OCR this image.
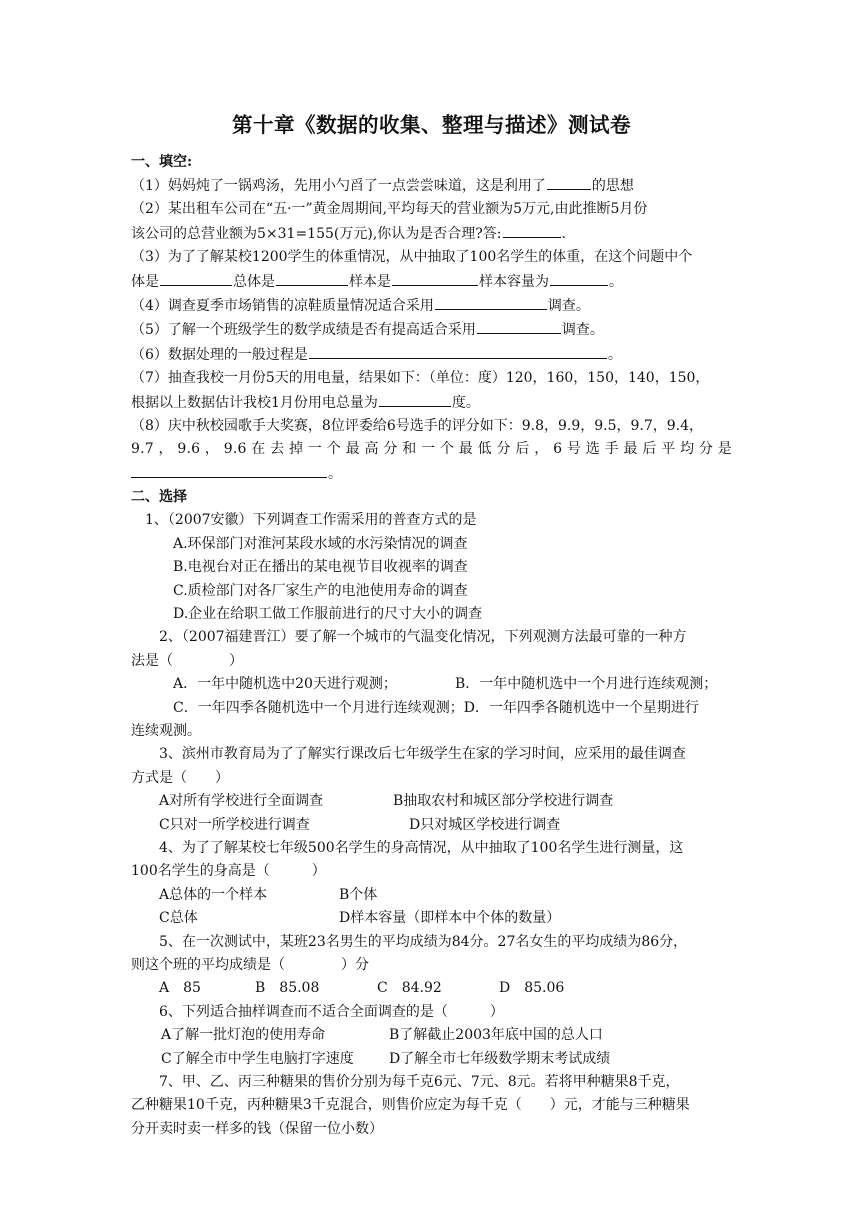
第十章《数据的收集、整理与描述》测试卷

一、填空:

（1）妈妈炖了一锅鸡汤，先用小勺舀了一点尝尝味道，这是利用了	的思想

（2）某出租车公司在“五·一”黄金周期间,平均每天的营业额为5万元,由此推断5月份

该公司的总营业额为5×31=155(万元),你认为是否合理?答:	.

（3）为了了解某校1200学生的体重情况，从中抽取了100名学生的体重，在这个问题中个

体是	总体是	样本是	样本容量为	。

（4）调查夏季市场销售的凉鞋质量情况适合采用	调查。

（5）了解一个班级学生的数学成绩是否有提高适合采用	调查。

（6）数据处理的一般过程是	。

（7）抽查我校一月份5天的用电量，结果如下：（单位：度）120，160，150，140，150，

根据以上数据估计我校1月份用电总量为	度。

（8）庆中秋校园歌手大奖赛，8位评委给6号选手的评分如下：9.8，9.9，9.5，9.7，9.4，

9.7，9.6，9.6在去掉一个最高分和一个最低分后，6号选手最后平均分是

。

二、选择

1、（2007安徽）下列调查工作需采用的普查方式的是

A.环保部门对淮河某段水域的水污染情况的调查

B.电视台对正在播出的某电视节目收视率的调查

C.质检部门对各厂家生产的电池使用寿命的调查

D.企业在给职工做工作服前进行的尺寸大小的调查

2、（2007福建晋江）要了解一个城市的气温变化情况，下列观测方法最可靠的一种方

法是（　　　　）

A．一年中随机选中20天进行观测；	B．一年中随机选中一个月进行连续观测；

C．一年四季各随机选中一个月进行连续观测；D．一年四季各随机选中一个星期进行

连续观测。

3、滨州市教育局为了了解实行课改后七年级学生在家的学习时间，应采用的最佳调查

方式是（　　）

A对所有学校进行全面调查	B抽取农村和城区部分学校进行调查

C只对一所学校进行调查	D只对城区学校进行调查

4、为了了解某校七年级500名学生的身高情况，从中抽取了100名学生进行测量，这

100名学生的身高是（　　　）

A总体的一个样本	B个体

C总体	D样本容量（即样本中个体的数量）

5、在一次测试中，某班23名男生的平均成绩为84分。27名女生的平均成绩为86分，

则这个班的平均成绩是（　　　　）分

A　85	B　85.08	C　84.92	D　85.06

6、下列适合抽样调查而不适合全面调查的是（　　　）

A了解一批灯泡的使用寿命	B了解截止2003年底中国的总人口

C了解全市中学生电脑打字速度	D了解全市七年级数学期末考试成绩

7、甲、乙、丙三种糖果的售价分别为每千克6元、7元、8元。若将甲种糖果8千克，

乙种糖果10千克，丙种糖果3千克混合，则售价应定为每千克（　　）元，才能与三种糖果

分开卖时卖一样多的钱（保留一位小数）
